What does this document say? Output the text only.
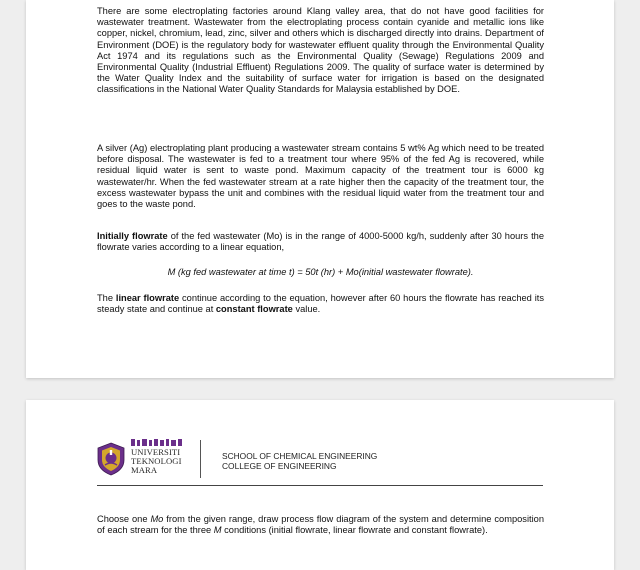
There are some electroplating factories around Klang valley area, that do not have good facilities for wastewater treatment. Wastewater from the electroplating process contain cyanide and metallic ions like copper, nickel, chromium, lead, zinc, silver and others which is discharged directly into drains. Department of Environment (DOE) is the regulatory body for wastewater effluent quality through the Environmental Quality Act 1974 and its regulations such as the Environmental Quality (Sewage) Regulations 2009 and Environmental Quality (Industrial Effluent) Regulations 2009. The quality of surface water is determined by the Water Quality Index and the suitability of surface water for irrigation is based on the designated classifications in the National Water Quality Standards for Malaysia established by DOE.

A silver (Ag) electroplating plant producing a wastewater stream contains 5 wt% Ag which need to be treated before disposal. The wastewater is fed to a treatment tour where 95% of the fed Ag is recovered, while residual liquid water is sent to waste pond. Maximum capacity of the treatment tour is 6000 kg wastewater/hr. When the fed wastewater stream at a rate higher then the capacity of the treatment tour, the excess wastewater bypass the unit and combines with the residual liquid water from the treatment tour and goes to the waste pond.

Initially flowrate of the fed wastewater (Mo) is in the range of 4000-5000 kg/h, suddenly after 30 hours the flowrate varies according to a linear equation,

M (kg fed wastewater at time t) = 50t (hr) + Mo(initial wastewater flowrate).

The linear flowrate continue according to the equation, however after 60 hours the flowrate has reached its steady state and continue at constant flowrate value.

UNIVERSITI
TEKNOLOGI
MARA
SCHOOL OF CHEMICAL ENGINEERING
COLLEGE OF ENGINEERING

Choose one Mo from the given range, draw process flow diagram of the system and determine composition of each stream for the three M conditions (initial flowrate, linear flowrate and constant flowrate).
